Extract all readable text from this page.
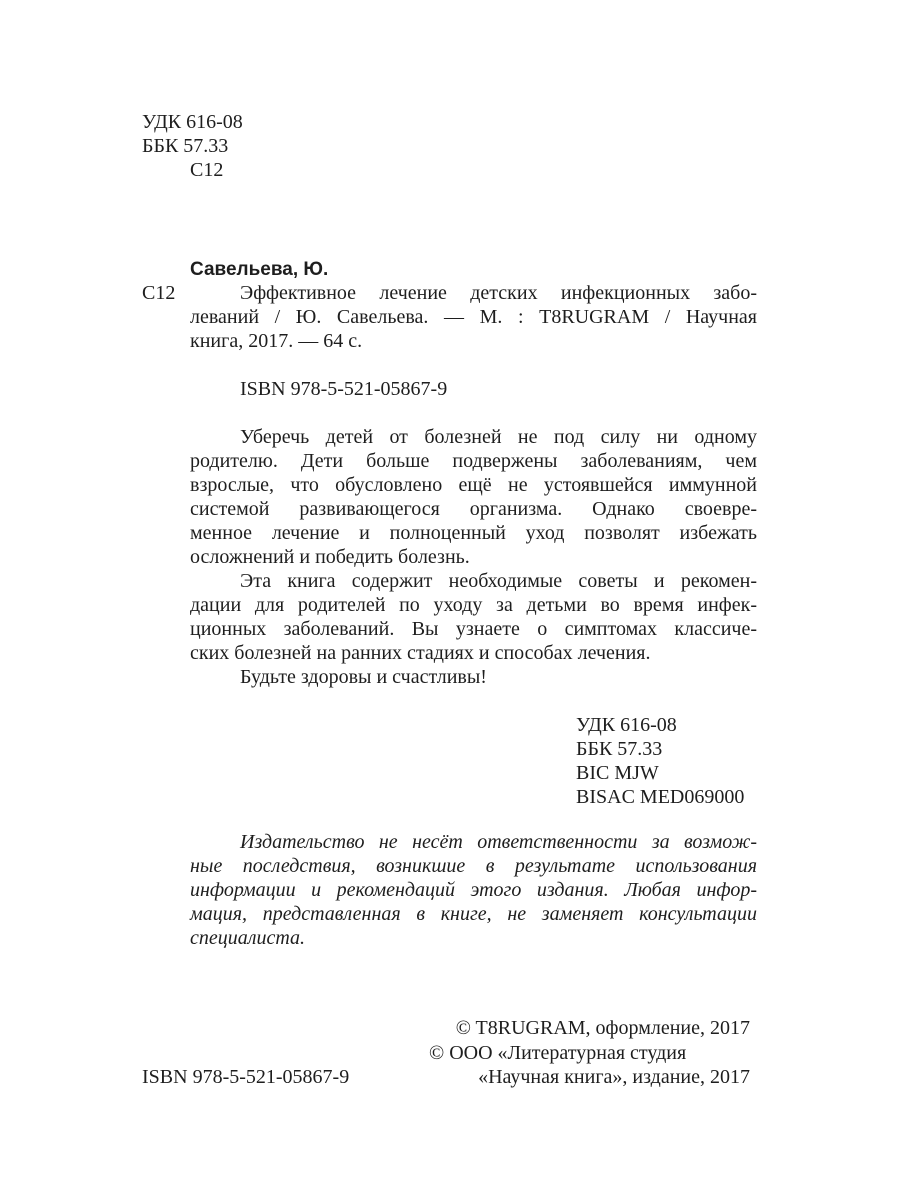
УДК 616-08
ББК 57.33
С12
Савельева, Ю.
С12	Эффективное лечение детских инфекционных забо-
леваний / Ю. Савельева. — М. : T8RUGRAM / Научная
книга, 2017. — 64 с.
ISBN 978-5-521-05867-9
Уберечь детей от болезней не под силу ни одному
родителю. Дети больше подвержены заболеваниям, чем
взрослые, что обусловлено ещё не устоявшейся иммунной
системой развивающегося организма. Однако своевре-
менное лечение и полноценный уход позволят избежать
осложнений и победить болезнь.
Эта книга содержит необходимые советы и рекомен-
дации для родителей по уходу за детьми во время инфек-
ционных заболеваний. Вы узнаете о симптомах классиче-
ских болезней на ранних стадиях и способах лечения.
Будьте здоровы и счастливы!
УДК 616-08
ББК 57.33
BIC MJW
BISAC MED069000
Издательство не несёт ответственности за возмож-
ные последствия, возникшие в результате использования
информации и рекомендаций этого издания. Любая инфор-
мация, представленная в книге, не заменяет консультации
специалиста.
© T8RUGRAM, оформление, 2017
© ООО «Литературная студия
«Научная книга», издание, 2017
ISBN 978-5-521-05867-9
